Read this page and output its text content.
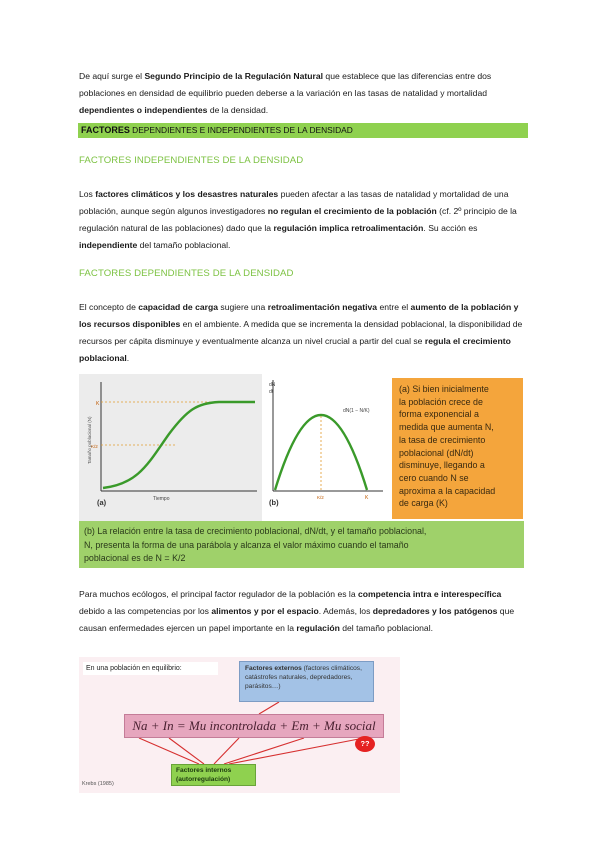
De aquí surge el Segundo Principio de la Regulación Natural que establece que las diferencias entre dos poblaciones en densidad de equilibrio pueden deberse a la variación en las tasas de natalidad y mortalidad dependientes o independientes de la densidad.

FACTORES DEPENDIENTES E INDEPENDIENTES DE LA DENSIDAD
FACTORES INDEPENDIENTES DE LA DENSIDAD

Los factores climáticos y los desastres naturales pueden afectar a las tasas de natalidad y mortalidad de una población, aunque según algunos investigadores no regulan el crecimiento de la población (cf. 2º principio de la regulación natural de las poblaciones) dado que la regulación implica retroalimentación. Su acción es independiente del tamaño poblacional.

FACTORES DEPENDIENTES DE LA DENSIDAD

El concepto de capacidad de carga sugiere una retroalimentación negativa entre el aumento de la población y los recursos disponibles en el ambiente. A medida que se incrementa la densidad poblacional, la disponibilidad de recursos per cápita disminuye y eventualmente alcanza un nivel crucial a partir del cual se regula el crecimiento poblacional.

K
K/2
Tamaño poblacional (N)
Tiempo
(a)
dN
dt
dN(1 − N/K)
K/2	K
(b)
(a) Si bien inicialmente
la población crece de
forma exponencial a
medida que aumenta N,
la tasa de crecimiento
poblacional (dN/dt)
disminuye, llegando a
cero cuando N se
aproxima a la capacidad
de carga (K)
(b) La relación entre la tasa de crecimiento poblacional, dN/dt, y el tamaño poblacional,
N, presenta la forma de una parábola y alcanza el valor máximo cuando el tamaño
poblacional es de N = K/2

Para muchos ecólogos, el principal factor regulador de la población es la competencia intra e interespecífica debido a las competencias por los alimentos y por el espacio. Además, los depredadores y los patógenos que causan enfermedades ejercen un papel importante en la regulación del tamaño poblacional.

En una población en equilibrio:	Factores externos (factores climáticos, catástrofes naturales, depredadores, parásitos…)
Na + In = Mu incontrolada + Em + Mu social
??
Factores internos
(autorregulación)
Krebs (1985)
